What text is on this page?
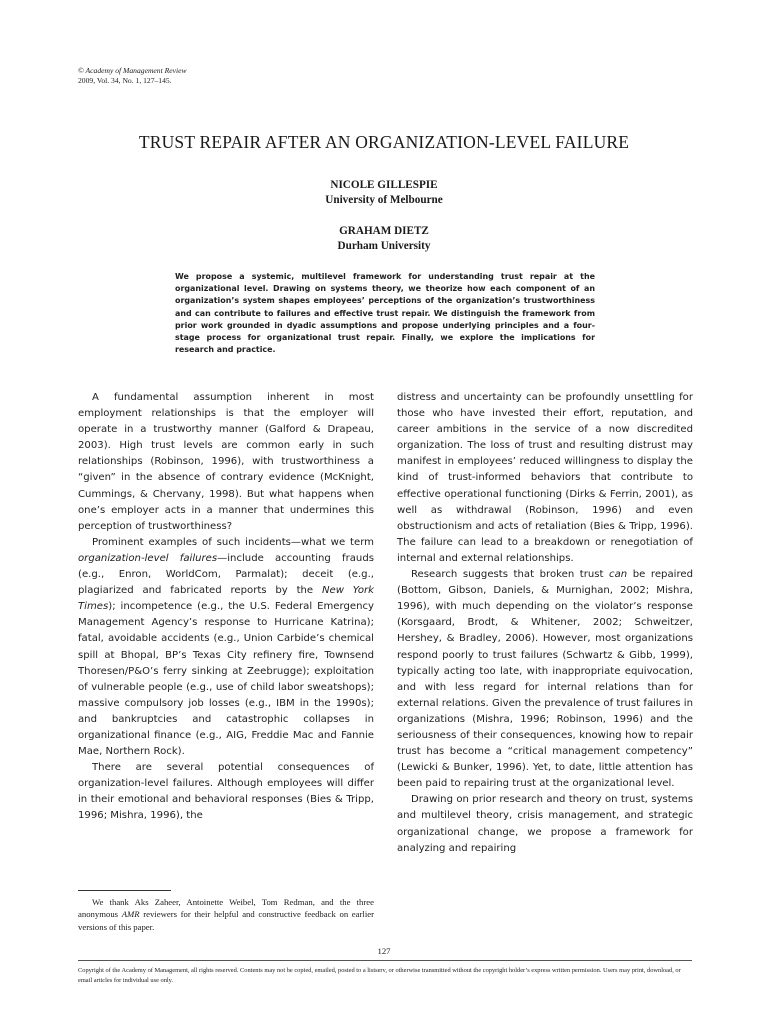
© Academy of Management Review
2009, Vol. 34, No. 1, 127–145.
TRUST REPAIR AFTER AN ORGANIZATION-LEVEL FAILURE
NICOLE GILLESPIE
University of Melbourne
GRAHAM DIETZ
Durham University
We propose a systemic, multilevel framework for understanding trust repair at the organizational level. Drawing on systems theory, we theorize how each component of an organization’s system shapes employees’ perceptions of the organization’s trustworthiness and can contribute to failures and effective trust repair. We distinguish the framework from prior work grounded in dyadic assumptions and propose underlying principles and a four-stage process for organizational trust repair. Finally, we explore the implications for research and practice.

A fundamental assumption inherent in most employment relationships is that the employer will operate in a trustworthy manner (Galford & Drapeau, 2003). High trust levels are common early in such relationships (Robinson, 1996), with trustworthiness a “given” in the absence of contrary evidence (McKnight, Cummings, & Chervany, 1998). But what happens when one’s employer acts in a manner that undermines this perception of trustworthiness?

Prominent examples of such incidents—what we term organization-level failures—include accounting frauds (e.g., Enron, WorldCom, Parmalat); deceit (e.g., plagiarized and fabricated reports by the New York Times); incompetence (e.g., the U.S. Federal Emergency Management Agency’s response to Hurricane Katrina); fatal, avoidable accidents (e.g., Union Carbide’s chemical spill at Bhopal, BP’s Texas City refinery fire, Townsend Thoresen/P&O’s ferry sinking at Zeebrugge); exploitation of vulnerable people (e.g., use of child labor sweatshops); massive compulsory job losses (e.g., IBM in the 1990s); and bankruptcies and catastrophic collapses in organizational finance (e.g., AIG, Freddie Mac and Fannie Mae, Northern Rock).

There are several potential consequences of organization-level failures. Although employees will differ in their emotional and behavioral responses (Bies & Tripp, 1996; Mishra, 1996), the

distress and uncertainty can be profoundly unsettling for those who have invested their effort, reputation, and career ambitions in the service of a now discredited organization. The loss of trust and resulting distrust may manifest in employees’ reduced willingness to display the kind of trust-informed behaviors that contribute to effective operational functioning (Dirks & Ferrin, 2001), as well as withdrawal (Robinson, 1996) and even obstructionism and acts of retaliation (Bies & Tripp, 1996). The failure can lead to a breakdown or renegotiation of internal and external relationships.

Research suggests that broken trust can be repaired (Bottom, Gibson, Daniels, & Murnighan, 2002; Mishra, 1996), with much depending on the violator’s response (Korsgaard, Brodt, & Whitener, 2002; Schweitzer, Hershey, & Bradley, 2006). However, most organizations respond poorly to trust failures (Schwartz & Gibb, 1999), typically acting too late, with inappropriate equivocation, and with less regard for internal relations than for external relations. Given the prevalence of trust failures in organizations (Mishra, 1996; Robinson, 1996) and the seriousness of their consequences, knowing how to repair trust has become a “critical management competency” (Lewicki & Bunker, 1996). Yet, to date, little attention has been paid to repairing trust at the organizational level.

Drawing on prior research and theory on trust, systems and multilevel theory, crisis management, and strategic organizational change, we propose a framework for analyzing and repairing

We thank Aks Zaheer, Antoinette Weibel, Tom Redman, and the three anonymous AMR reviewers for their helpful and constructive feedback on earlier versions of this paper.
127
Copyright of the Academy of Management, all rights reserved. Contents may not be copied, emailed, posted to a listserv, or otherwise transmitted without the copyright holder’s express written permission. Users may print, download, or email articles for individual use only.
